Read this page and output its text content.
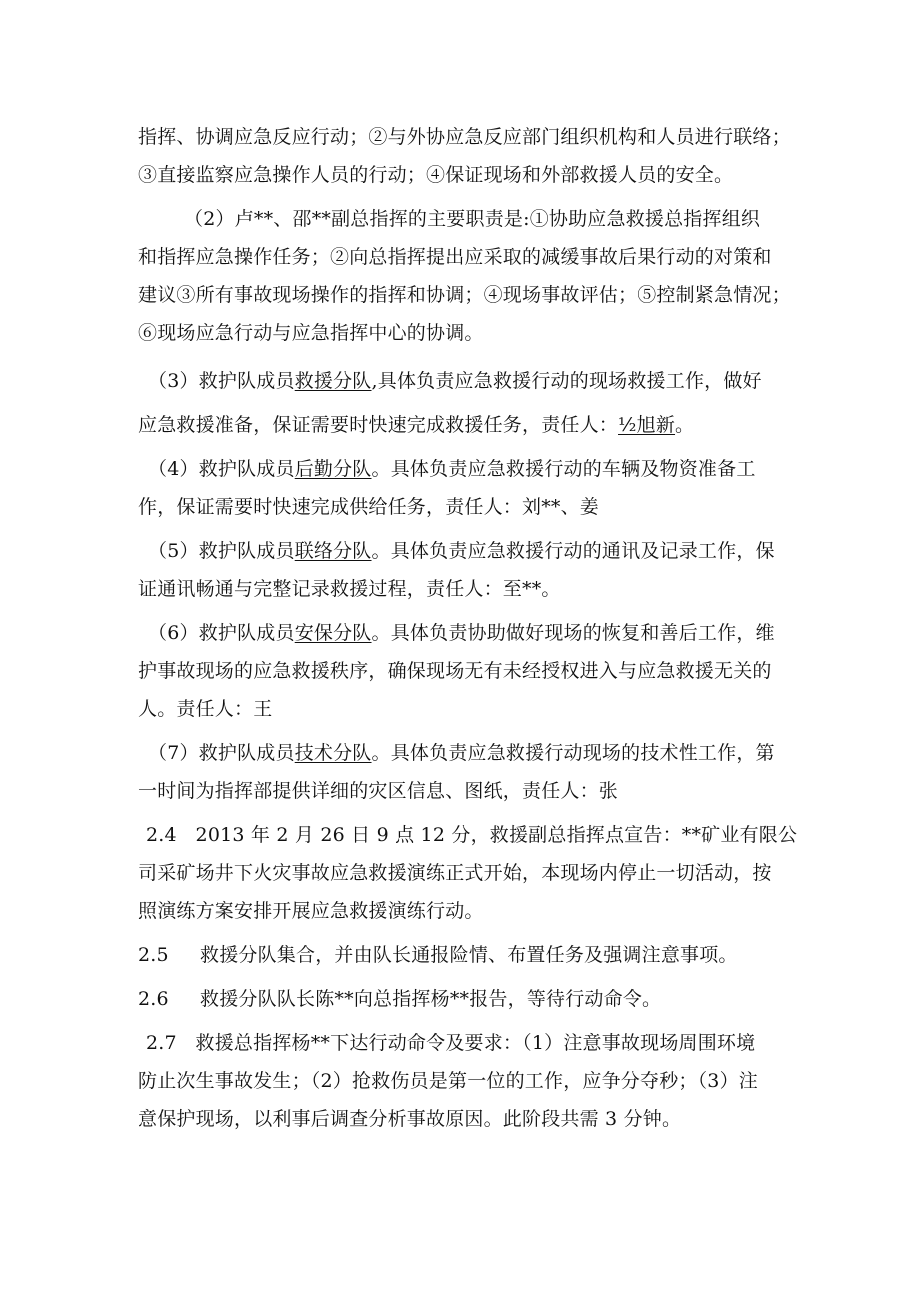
指挥、协调应急反应行动；②与外协应急反应部门组织机构和人员进行联络；
③直接监察应急操作人员的行动；④保证现场和外部救援人员的安全。
（2）卢**、邵**副总指挥的主要职责是:①协助应急救援总指挥组织
和指挥应急操作任务；②向总指挥提出应采取的减缓事故后果行动的对策和
建议③所有事故现场操作的指挥和协调；④现场事故评估；⑤控制紧急情况；
⑥现场应急行动与应急指挥中心的协调。
（3）救护队成员救援分队,具体负责应急救援行动的现场救援工作，做好
应急救援准备，保证需要时快速完成救援任务，责任人：½旭新。
（4）救护队成员后勤分队。具体负责应急救援行动的车辆及物资准备工
作，保证需要时快速完成供给任务，责任人：刘**、姜
（5）救护队成员联络分队。具体负责应急救援行动的通讯及记录工作，保
证通讯畅通与完整记录救援过程，责任人：至**。
（6）救护队成员安保分队。具体负责协助做好现场的恢复和善后工作，维
护事故现场的应急救援秩序，确保现场无有未经授权进入与应急救援无关的
人。责任人：王
（7）救护队成员技术分队。具体负责应急救援行动现场的技术性工作，第
一时间为指挥部提供详细的灾区信息、图纸，责任人：张
2.4   2013 年 2 月 26 日 9 点 12 分，救援副总指挥点宣告：**矿业有限公
司采矿场井下火灾事故应急救援演练正式开始，本现场内停止一切活动，按
照演练方案安排开展应急救援演练行动。
2.5     救援分队集合，并由队长通报险情、布置任务及强调注意事项。
2.6     救援分队队长陈**向总指挥杨**报告，等待行动命令。
2.7   救援总指挥杨**下达行动命令及要求：（1）注意事故现场周围环境
防止次生事故发生；（2）抢救伤员是第一位的工作，应争分夺秒；（3）注
意保护现场，以利事后调查分析事故原因。此阶段共需 3 分钟。
